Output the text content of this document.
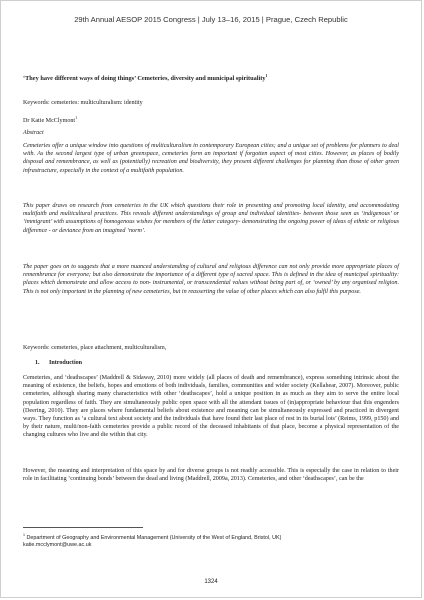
29th Annual AESOP 2015 Congress | July 13–16, 2015 | Prague, Czech Republic
‘They have different ways of doing things’ Cemeteries, diversity and municipal spirituality$^1$
Keywords: cemeteries: multiculturalism: identity
Dr Katie McClymont$^1$
Abstract

Cemeteries offer a unique window into questions of multiculturalism in contemporary European cities; and a unique set of problems for planners to deal with. As the second largest type of urban greenspace, cemeteries form an important if forgotten aspect of most cities. However, as places of bodily disposal and remembrance, as well as (potentially) recreation and biodiversity, they present different challenges for planning than those of other green infrastructure, especially in the context of a multifaith population.

This paper draws on research from cemeteries in the UK which questions their role in presenting and promoting local identity, and accommodating multifaith and multicultural practices. This reveals different understandings of group and individual identities- between those seen as ‘indigenous’ or ‘immigrant’ with assumptions of homogenous wishes for members of the latter category- demonstrating the ongoing power of ideas of ethnic or religious difference - or deviance from an imagined ‘norm’.

The paper goes on to suggests that a more nuanced understanding of cultural and religious difference can not only provide more appropriate places of remembrance for everyone; but also demonstrate the importance of a different type of sacred space. This is defined in the idea of municipal spirituality: places which demonstrate and allow access to non- instrumental, or transcendental values without being part of, or ‘owned’ by any organised religion. This is not only important in the planning of new cemeteries, but in reasserting the value of other places which can also fulfil this purpose.

Keywords: cemeteries, place attachment, multiculturalism,
1. Introduction

Cemeteries, and ‘deathscapes’ (Maddrell & Sidaway, 2010) more widely (all places of death and remembrance), express something intrinsic about the meaning of existence, the beliefs, hopes and emotions of both individuals, families, communities and wider society (Kellahear, 2007). Moreover, public cemeteries, although sharing many characteristics with other ‘deathscapes’, hold a unique position in as much as they aim to serve the entire local population regardless of faith. They are simultaneously public open space with all the attendant issues of (in)appropriate behaviour that this engenders (Deering, 2010). They are places where fundamental beliefs about existence and meaning can be simultaneously expressed and practiced in divergent ways. They function as ‘a cultural text about society and the individuals that have found their last place of rest in its burial lots’ (Reims, 1999, p150) and by their nature, multi/non-faith cemeteries provide a public record of the deceased inhabitants of that place, become a physical representation of the changing cultures who live and die within that city.

However, the meaning and interpretation of this space by and for diverse groups is not readily accessible. This is especially the case in relation to their role in facilitating ‘continuing bonds’ between the dead and living (Maddrell, 2009a, 2013). Cemeteries, and other ‘deathscapes’, can be the

$^1$ Department of Geography and Environmental Management (University of the West of England, Bristol, UK)
katie.mcclymont@uwe.ac.uk
1324
